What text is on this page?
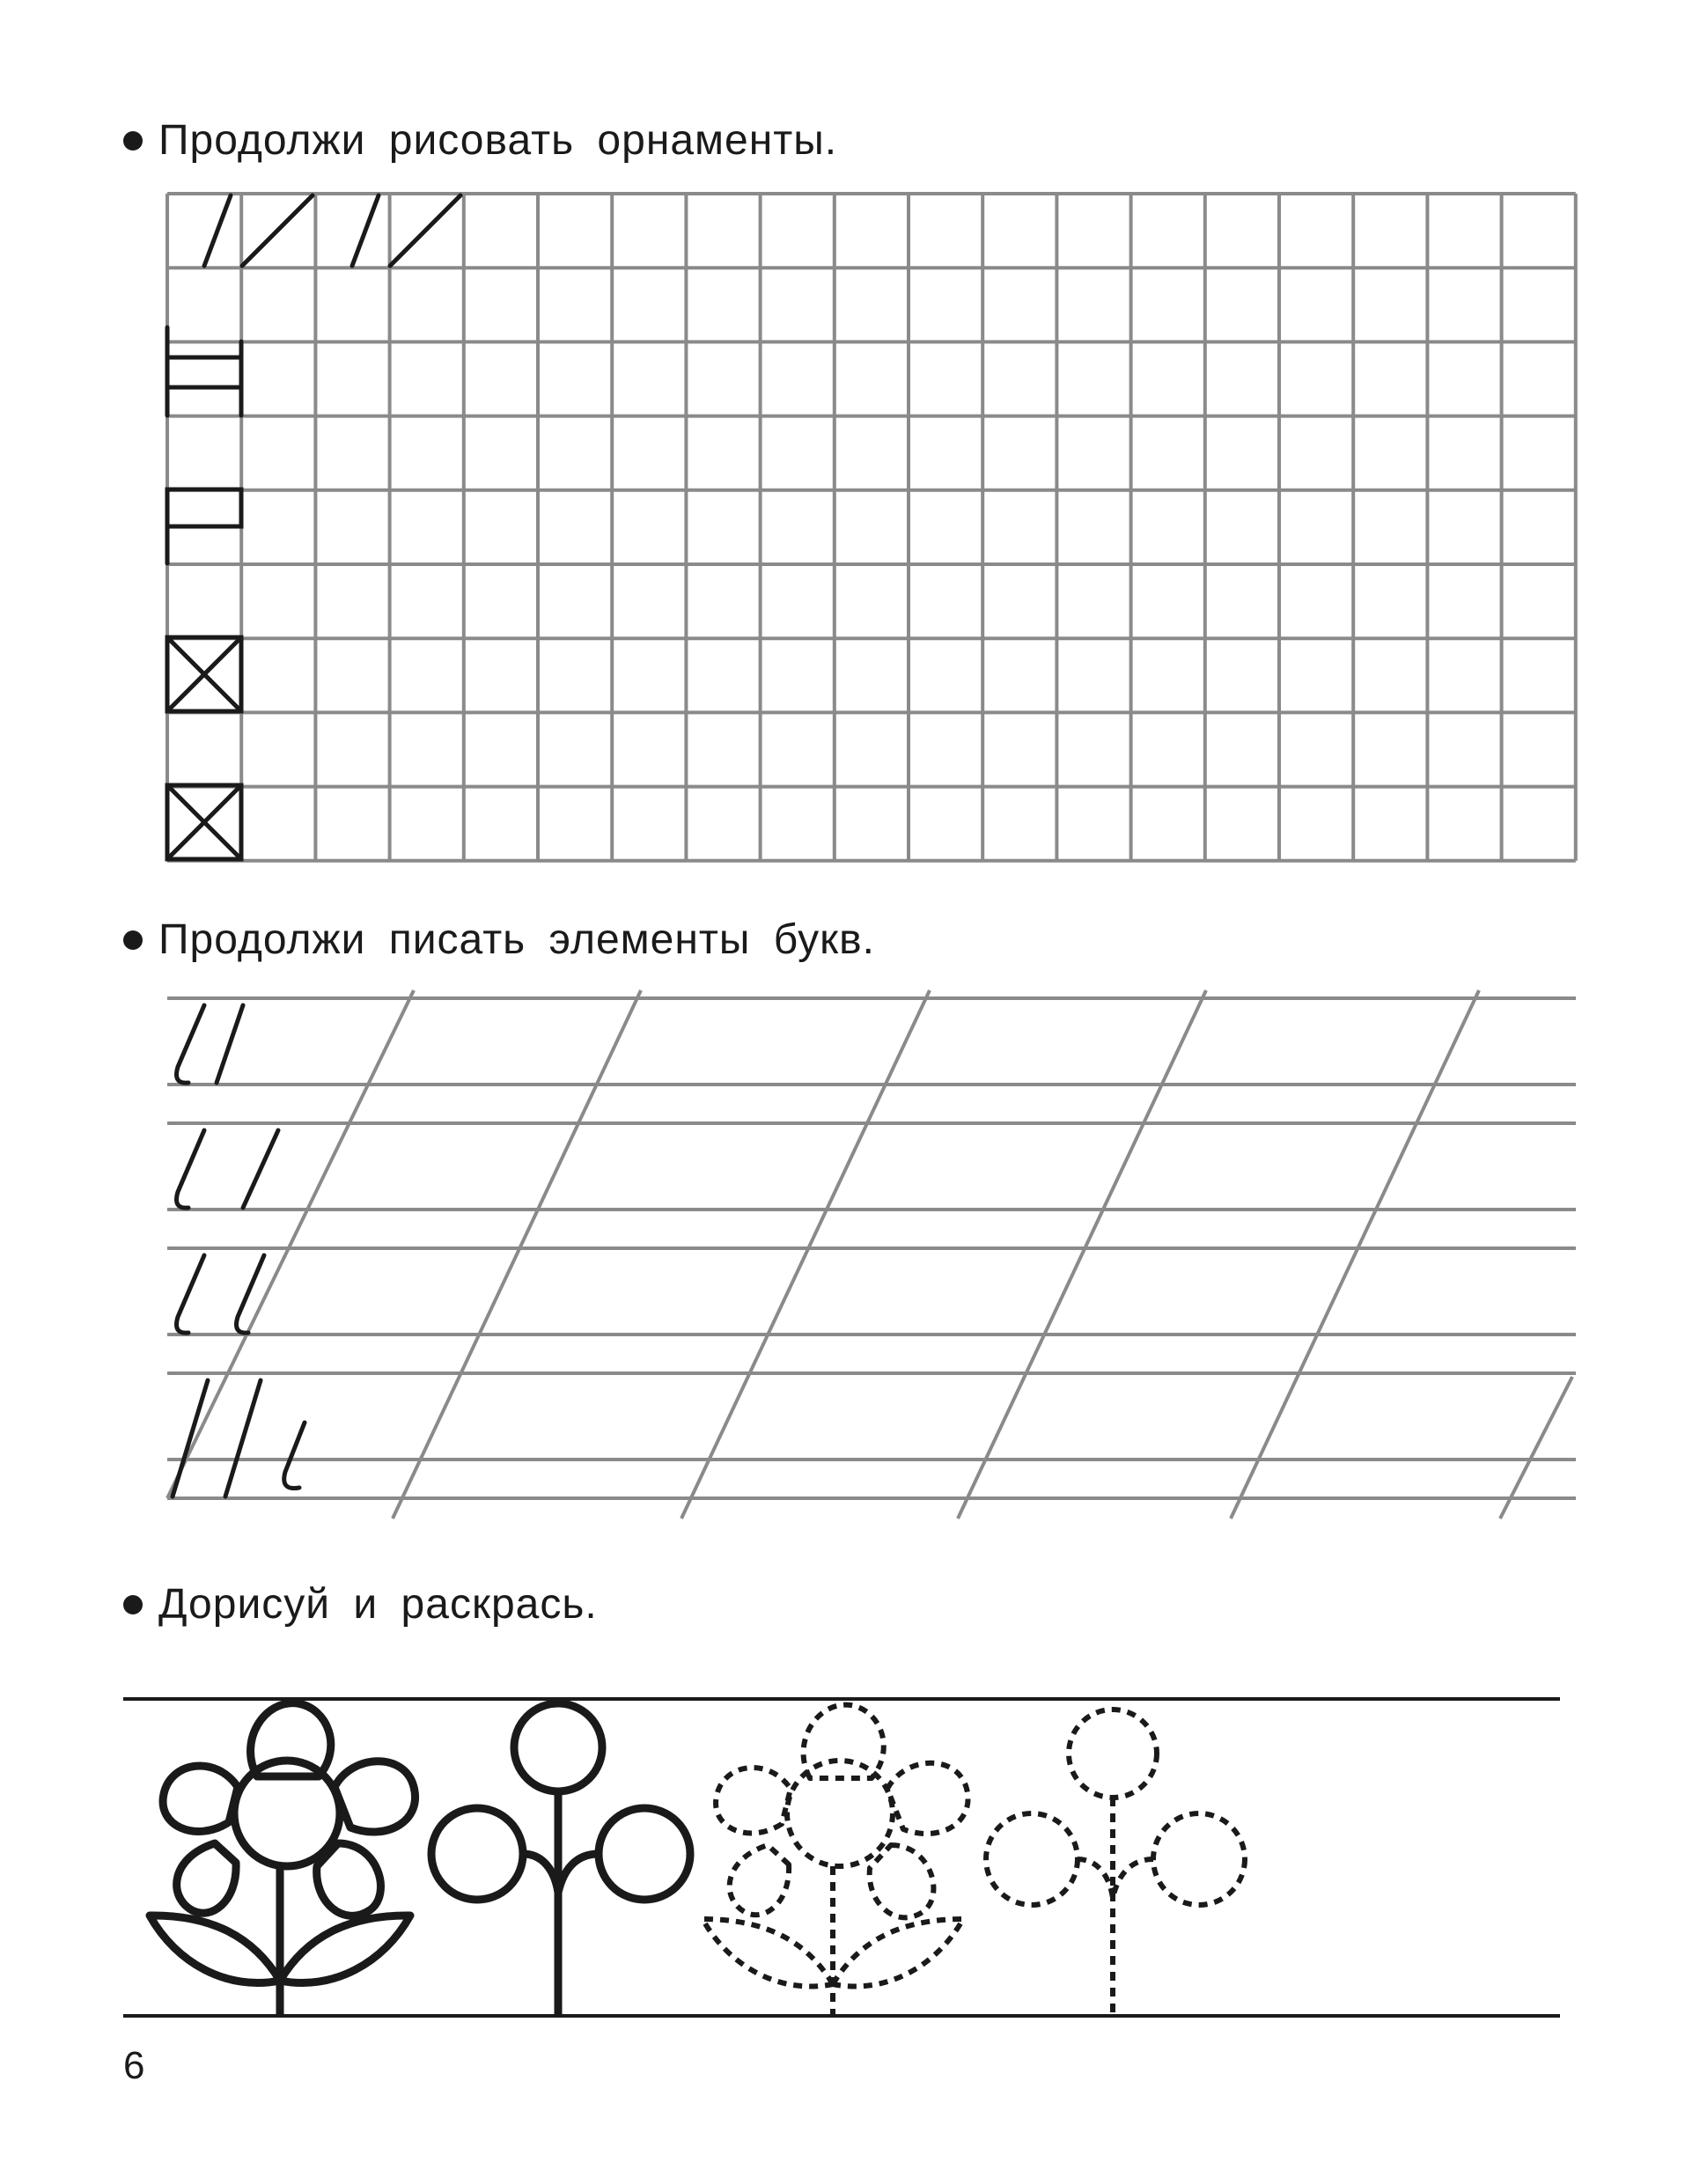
Продолжи рисовать орнаменты.
Продолжи писать элементы букв.
Дорисуй и раскрась.
6
